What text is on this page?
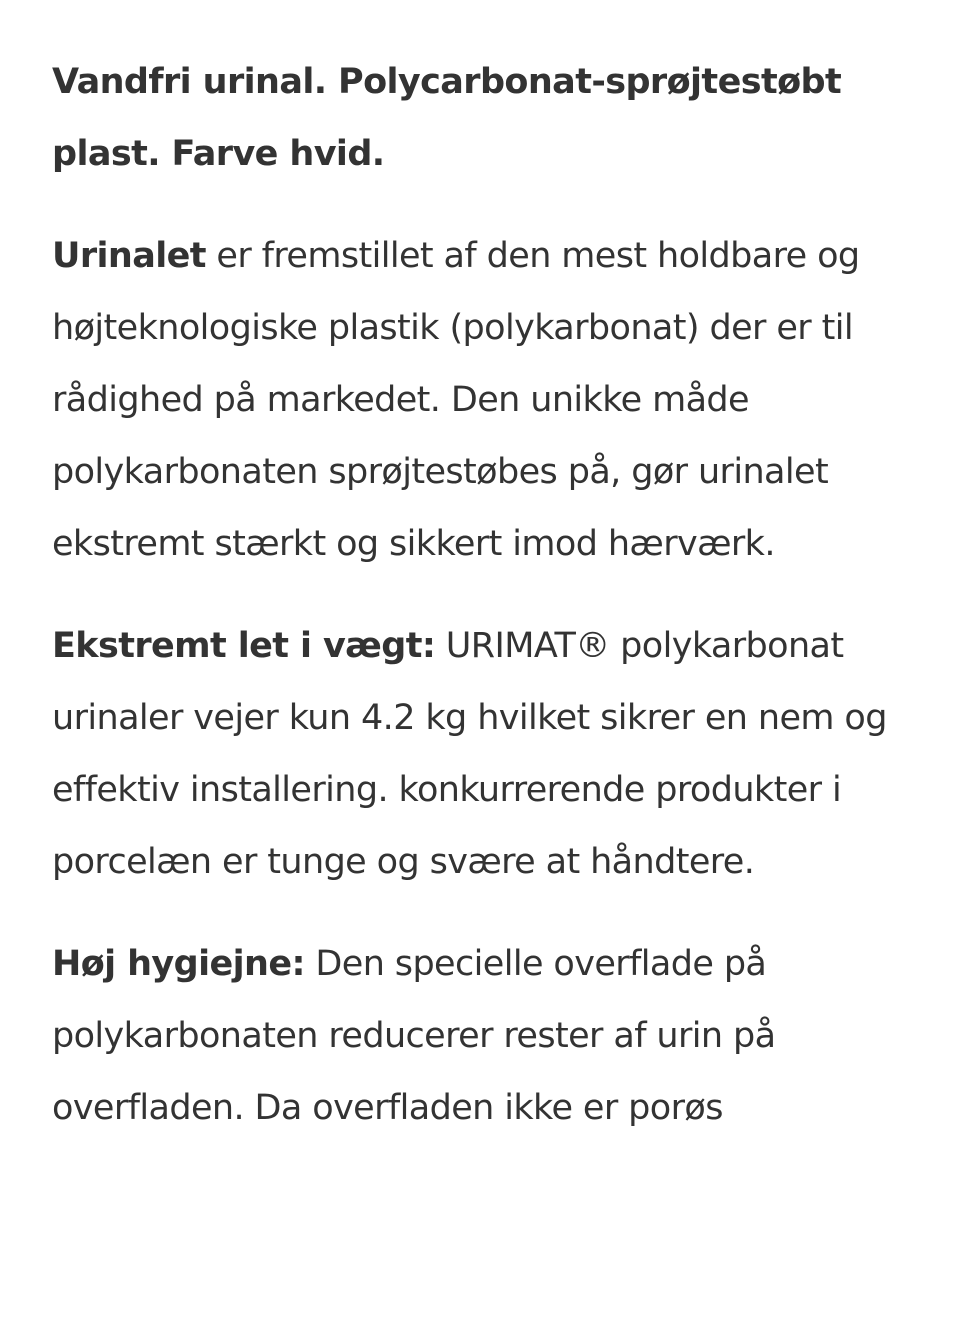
Vandfri urinal. Polycarbonat-sprøjtestøbt plast. Farve hvid.

Urinalet er fremstillet af den mest holdbare og højteknologiske plastik (polykarbonat) der er til rådighed på markedet. Den unikke måde polykarbonaten sprøjtestøbes på, gør urinalet ekstremt stærkt og sikkert imod hærværk.

Ekstremt let i vægt: URIMAT® polykarbonat urinaler vejer kun 4.2 kg hvilket sikrer en nem og effektiv installering. konkurrerende produkter i porcelæn er tunge og svære at håndtere.

Høj hygiejne: Den specielle overflade på polykarbonaten reducerer rester af urin på overfladen. Da overfladen ikke er porøs
